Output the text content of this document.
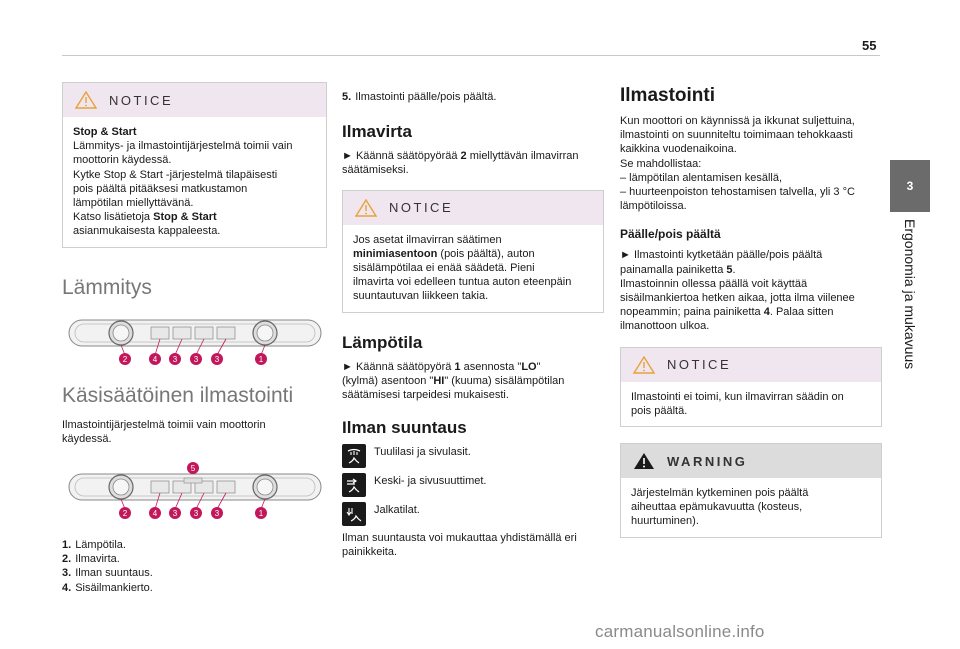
55
3
Ergonomia ja mukavuus
NOTICE

Stop & Start

Lämmitys- ja ilmastointijärjestelmä toimii vain

moottorin käydessä.

Kytke Stop & Start -järjestelmä tilapäisesti

pois päältä pitääksesi matkustamon

lämpötilan miellyttävänä.

Katso lisätietoja Stop & Start

asianmukaisesta kappaleesta.

Lämmitys
2	4 3 3 3	1
Käsisäätöinen ilmastointi

Ilmastointijärjestelmä toimii vain moottorin

käydessä.

5
2	4 3 3 3	1
1. Lämpötila.
2. Ilmavirta.
3. Ilman suuntaus.
4. Sisäilmankierto.

5. Ilmastointi päälle/pois päältä.

Ilmavirta

► Käännä säätöpyörää 2 miellyttävän ilmavirran

säätämiseksi.

NOTICE

Jos asetat ilmavirran säätimen

minimiasentoon (pois päältä), auton

sisälämpötilaa ei enää säädetä. Pieni

ilmavirta voi edelleen tuntua auton eteenpäin

suuntautuvan liikkeen takia.

Lämpötila

► Käännä säätöpyörä 1 asennosta "LO"

(kylmä) asentoon "HI" (kuuma) sisälämpötilan

säätämisesi tarpeidesi mukaisesti.

Ilman suuntaus
Tuulilasi ja sivulasit.
Keski- ja sivusuuttimet.
Jalkatilat.

Ilman suuntausta voi mukauttaa yhdistämällä eri

painikkeita.

Ilmastointi

Kun moottori on käynnissä ja ikkunat suljettuina,

ilmastointi on suunniteltu toimimaan tehokkaasti

kaikkina vuodenaikoina.

Se mahdollistaa:

– lämpötilan alentamisen kesällä,

– huurteenpoiston tehostamisen talvella, yli 3 °C

lämpötiloissa.

Päälle/pois päältä

► Ilmastointi kytketään päälle/pois päältä

painamalla painiketta 5.

Ilmastoinnin ollessa päällä voit käyttää

sisäilmankiertoa hetken aikaa, jotta ilma viilenee

nopeammin; paina painiketta 4. Palaa sitten

ilmanottoon ulkoa.

NOTICE

Ilmastointi ei toimi, kun ilmavirran säädin on

pois päältä.

WARNING

Järjestelmän kytkeminen pois päältä

aiheuttaa epämukavuutta (kosteus,

huurtuminen).

carmanualsonline.info
